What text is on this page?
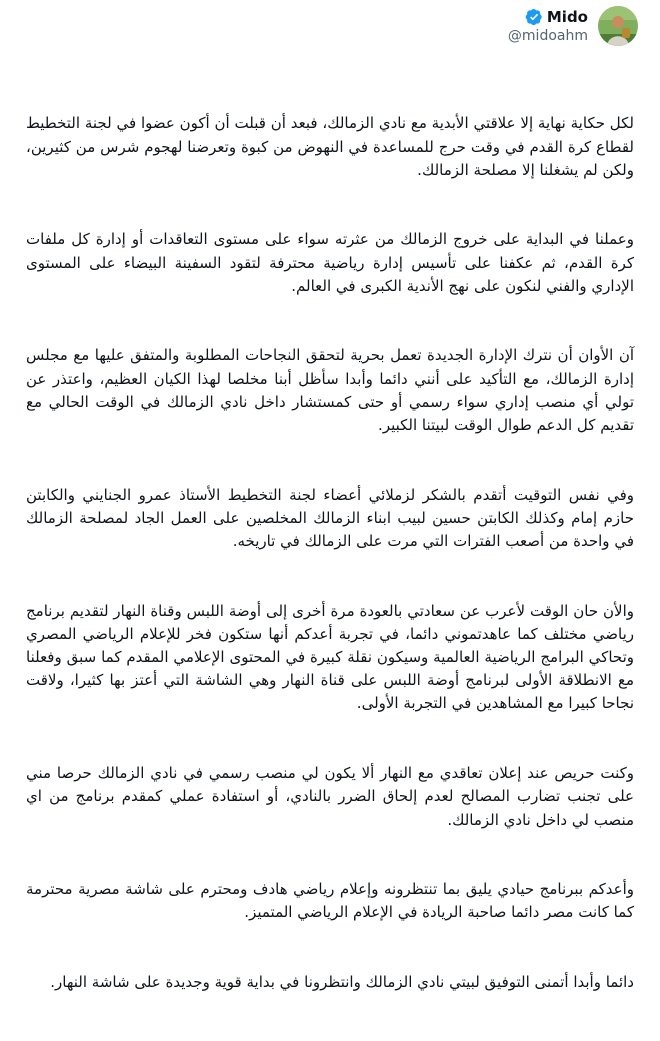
Mido
@midoahm

لكل حكاية نهاية إلا علاقتي الأبدية مع نادي الزمالك، فبعد أن قبلت أن أكون عضوا في لجنة التخطيط لقطاع كرة القدم في وقت حرج للمساعدة في النهوض من كبوة وتعرضنا لهجوم شرس من كثيرين، ولكن لم يشغلنا إلا مصلحة الزمالك.

وعملنا في البداية على خروج الزمالك من عثرته سواء على مستوى التعاقدات أو إدارة كل ملفات كرة القدم، ثم عكفنا على تأسيس إدارة رياضية محترفة لتقود السفينة البيضاء على المستوى الإداري والفني لنكون على نهج الأندية الكبرى في العالم.

آن الأوان أن نترك الإدارة الجديدة تعمل بحرية لتحقق النجاحات المطلوبة والمتفق عليها مع مجلس إدارة الزمالك، مع التأكيد على أنني دائما وأبدا سأظل أبنا مخلصا لهذا الكيان العظيم، واعتذر عن تولي أي منصب إداري سواء رسمي أو حتى كمستشار داخل نادي الزمالك في الوقت الحالي مع تقديم كل الدعم طوال الوقت لبيتنا الكبير.

وفي نفس التوقيت أتقدم بالشكر لزملائي أعضاء لجنة التخطيط الأستاذ عمرو الجنايني والكابتن حازم إمام وكذلك الكابتن حسين لبيب ابناء الزمالك المخلصين على العمل الجاد لمصلحة الزمالك في واحدة من أصعب الفترات التي مرت على الزمالك في تاريخه.

والأن حان الوقت لأعرب عن سعادتي بالعودة مرة أخرى إلى أوضة اللبس وقناة النهار لتقديم برنامج رياضي مختلف كما عاهدتموني دائما، في تجربة أعدكم أنها ستكون فخر للإعلام الرياضي المصري وتحاكي البرامج الرياضية العالمية وسيكون نقلة كبيرة في المحتوى الإعلامي المقدم كما سبق وفعلنا مع الانطلاقة الأولى لبرنامج أوضة اللبس على قناة النهار وهي الشاشة التي أعتز بها كثيرا، ولاقت نجاحا كبيرا مع المشاهدين في التجربة الأولى.

وكنت حريص عند إعلان تعاقدي مع النهار ألا يكون لي منصب رسمي في نادي الزمالك حرصا مني على تجنب تضارب المصالح لعدم إلحاق الضرر بالنادي، أو استفادة عملي كمقدم برنامج من اي منصب لي داخل نادي الزمالك.

وأعدكم ببرنامج حيادي يليق بما تنتظرونه وإعلام رياضي هادف ومحترم على شاشة مصرية محترمة كما كانت مصر دائما صاحبة الريادة في الإعلام الرياضي المتميز.

دائما وأبدا أتمنى التوفيق لبيتي نادي الزمالك وانتظرونا في بداية قوية وجديدة على شاشة النهار.
